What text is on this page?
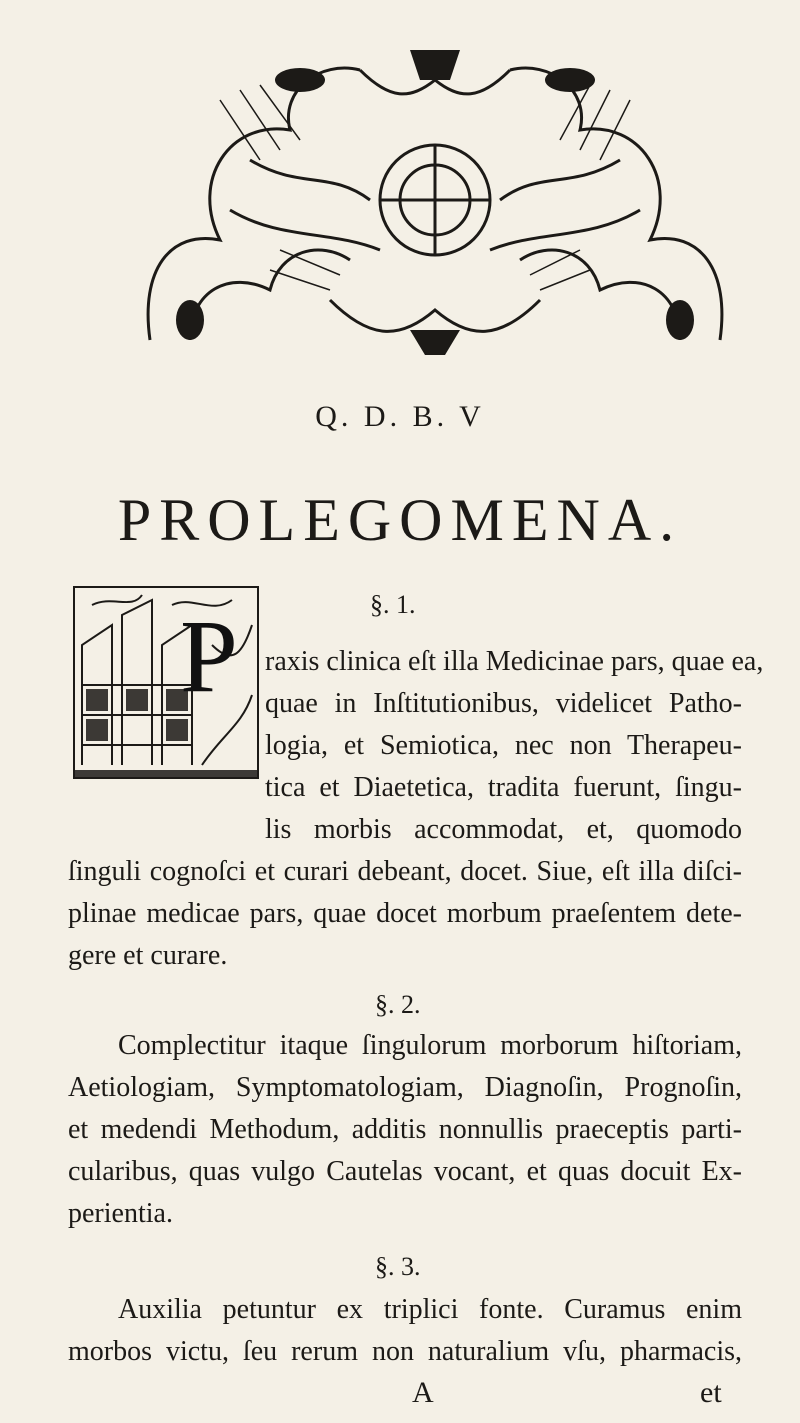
Q. D. B. V
PROLEGOMENA.
P	§. 1.
raxis clinica eſt illa Medicinae pars, quae ea,
quae in Inſtitutionibus, videlicet Patho-
logia, et Semiotica, nec non Therapeu-
tica et Diaetetica, tradita fuerunt, ſingu-
lis morbis accommodat, et, quomodo
ſinguli cognoſci et curari debeant, docet. Siue, eſt illa diſci-
plinae medicae pars, quae docet morbum praeſentem dete-
gere et curare.
§. 2.
Complectitur itaque ſingulorum morborum hiſtoriam,
Aetiologiam, Symptomatologiam, Diagnoſin, Prognoſin,
et medendi Methodum, additis nonnullis praeceptis parti-
cularibus, quas vulgo Cautelas vocant, et quas docuit Ex-
perientia.
§. 3.
Auxilia petuntur ex triplici fonte. Curamus enim
morbos victu, ſeu rerum non naturalium vſu, pharmacis,
A	et
